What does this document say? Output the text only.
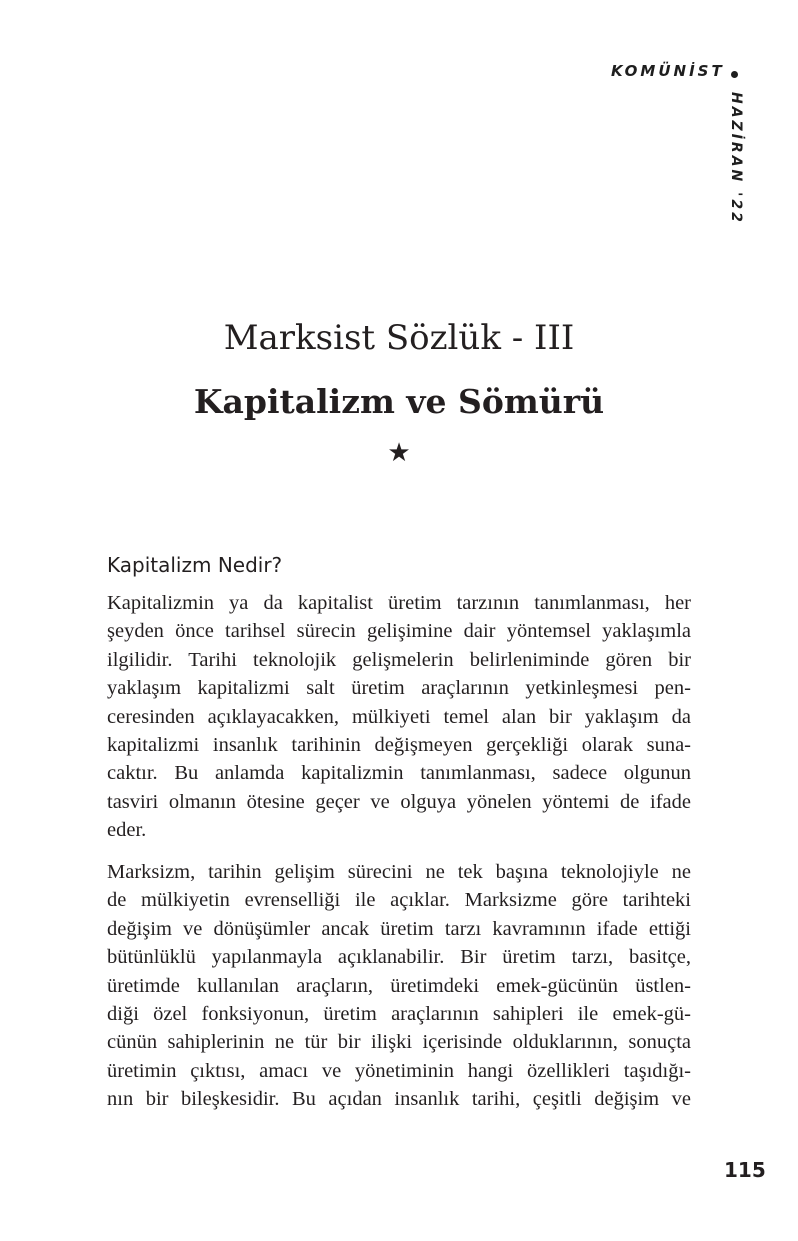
KOMÜNİST
HAZİRAN '22
Marksist Sözlük - III
Kapitalizm ve Sömürü
★
Kapitalizm Nedir?
Kapitalizmin ya da kapitalist üretim tarzının tanımlanması, her
şeyden önce tarihsel sürecin gelişimine dair yöntemsel yaklaşımla
ilgilidir. Tarihi teknolojik gelişmelerin belirleniminde gören bir
yaklaşım kapitalizmi salt üretim araçlarının yetkinleşmesi pen-
ceresinden açıklayacakken, mülkiyeti temel alan bir yaklaşım da
kapitalizmi insanlık tarihinin değişmeyen gerçekliği olarak suna-
caktır. Bu anlamda kapitalizmin tanımlanması, sadece olgunun
tasviri olmanın ötesine geçer ve olguya yönelen yöntemi de ifade
eder.
Marksizm, tarihin gelişim sürecini ne tek başına teknolojiyle ne
de mülkiyetin evrenselliği ile açıklar. Marksizme göre tarihteki
değişim ve dönüşümler ancak üretim tarzı kavramının ifade ettiği
bütünlüklü yapılanmayla açıklanabilir. Bir üretim tarzı, basitçe,
üretimde kullanılan araçların, üretimdeki emek-gücünün üstlen-
diği özel fonksiyonun, üretim araçlarının sahipleri ile emek-gü-
cünün sahiplerinin ne tür bir ilişki içerisinde olduklarının, sonuçta
üretimin çıktısı, amacı ve yönetiminin hangi özellikleri taşıdığı-
nın bir bileşkesidir. Bu açıdan insanlık tarihi, çeşitli değişim ve
115
